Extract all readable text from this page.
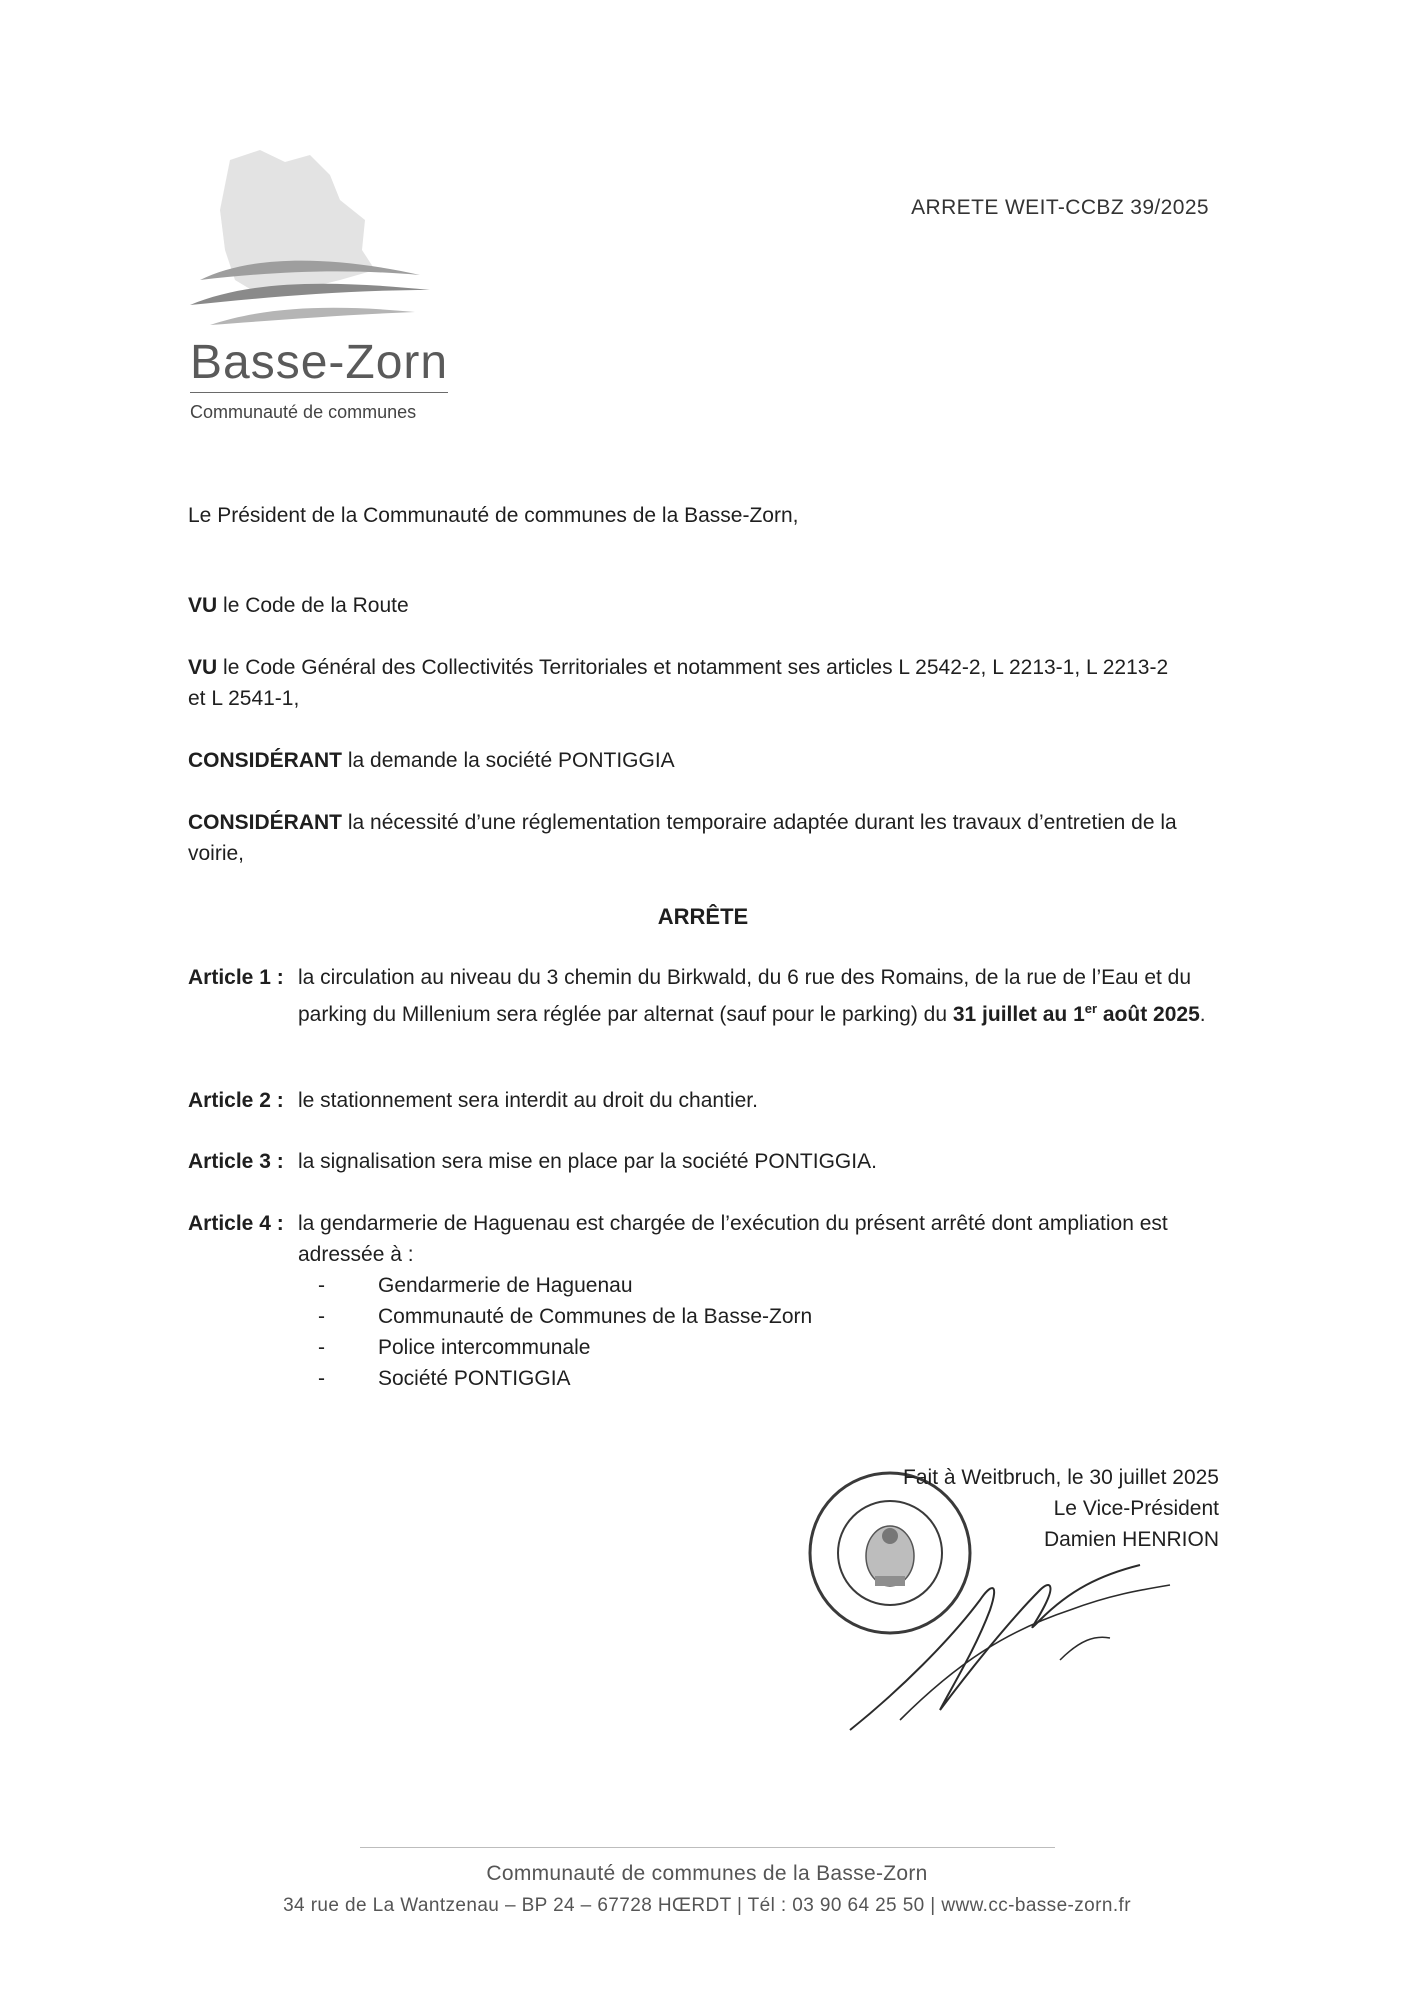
ARRETE WEIT-CCBZ 39/2025
Basse-Zorn
Communauté de communes
Le Président de la Communauté de communes de la Basse-Zorn,
VU le Code de la Route
VU le Code Général des Collectivités Territoriales et notamment ses articles L 2542-2, L 2213-1, L 2213-2 et L 2541-1,
CONSIDÉRANT la demande la société PONTIGGIA
CONSIDÉRANT la nécessité d’une réglementation temporaire adaptée durant les travaux d’entretien de la voirie,
ARRÊTE
Article 1 : la circulation au niveau du 3 chemin du Birkwald, du 6 rue des Romains, de la rue de l’Eau et du parking du Millenium sera réglée par alternat (sauf pour le parking) du 31 juillet au 1er août 2025.
Article 2 : le stationnement sera interdit au droit du chantier.
Article 3 : la signalisation sera mise en place par la société PONTIGGIA.
Article 4 : la gendarmerie de Haguenau est chargée de l’exécution du présent arrêté dont ampliation est adressée à :
-	Gendarmerie de Haguenau
-	Communauté de Communes de la Basse-Zorn
-	Police intercommunale
-	Société PONTIGGIA
Fait à Weitbruch, le 30 juillet 2025
Le Vice-Président
Damien HENRION
Communauté de communes de la Basse-Zorn
34 rue de La Wantzenau – BP 24 – 67728 HŒRDT | Tél : 03 90 64 25 50 | www.cc-basse-zorn.fr
